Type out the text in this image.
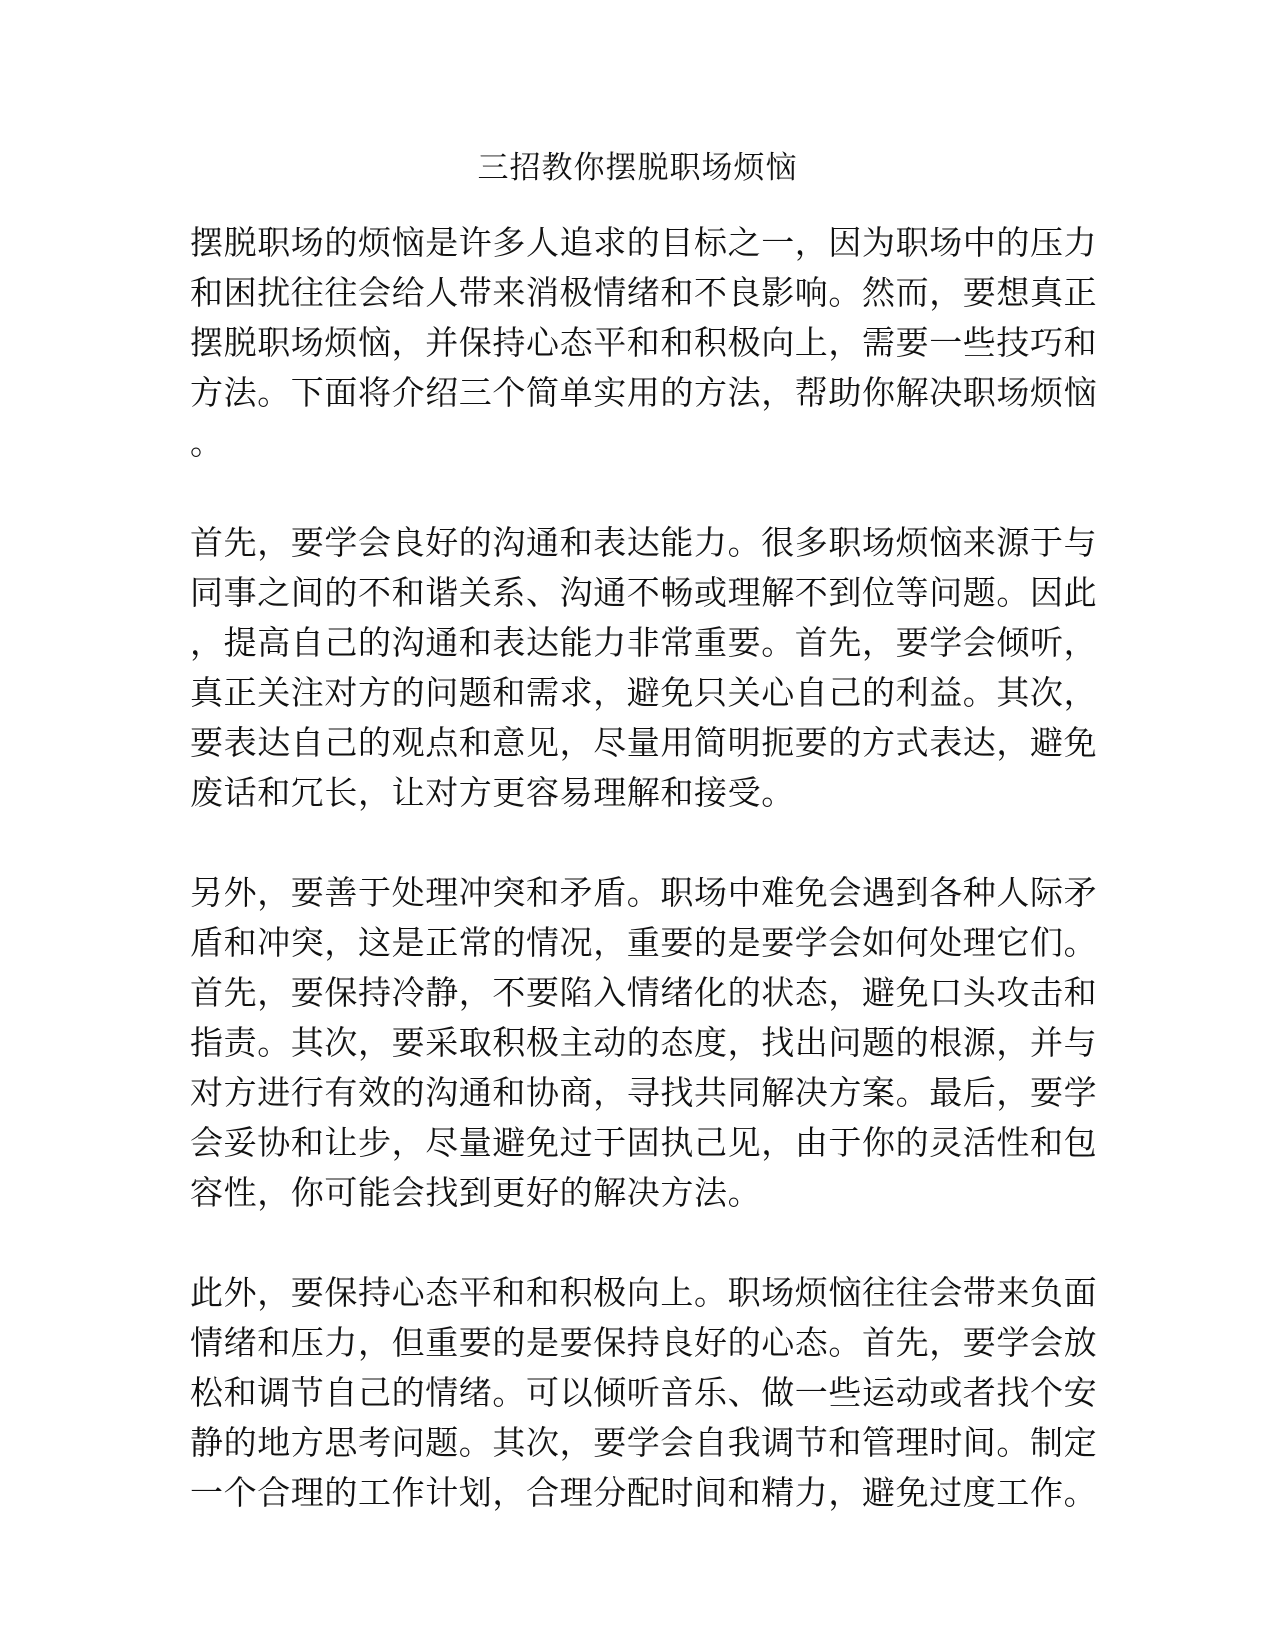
三招教你摆脱职场烦恼
摆脱职场的烦恼是许多人追求的目标之一，因为职场中的压力
和困扰往往会给人带来消极情绪和不良影响。然而，要想真正
摆脱职场烦恼，并保持心态平和和积极向上，需要一些技巧和
方法。下面将介绍三个简单实用的方法，帮助你解决职场烦恼
。
首先，要学会良好的沟通和表达能力。很多职场烦恼来源于与
同事之间的不和谐关系、沟通不畅或理解不到位等问题。因此
，提高自己的沟通和表达能力非常重要。首先，要学会倾听，
真正关注对方的问题和需求，避免只关心自己的利益。其次，
要表达自己的观点和意见，尽量用简明扼要的方式表达，避免
废话和冗长，让对方更容易理解和接受。
另外，要善于处理冲突和矛盾。职场中难免会遇到各种人际矛
盾和冲突，这是正常的情况，重要的是要学会如何处理它们。
首先，要保持冷静，不要陷入情绪化的状态，避免口头攻击和
指责。其次，要采取积极主动的态度，找出问题的根源，并与
对方进行有效的沟通和协商，寻找共同解决方案。最后，要学
会妥协和让步，尽量避免过于固执己见，由于你的灵活性和包
容性，你可能会找到更好的解决方法。
此外，要保持心态平和和积极向上。职场烦恼往往会带来负面
情绪和压力，但重要的是要保持良好的心态。首先，要学会放
松和调节自己的情绪。可以倾听音乐、做一些运动或者找个安
静的地方思考问题。其次，要学会自我调节和管理时间。制定
一个合理的工作计划，合理分配时间和精力，避免过度工作。
